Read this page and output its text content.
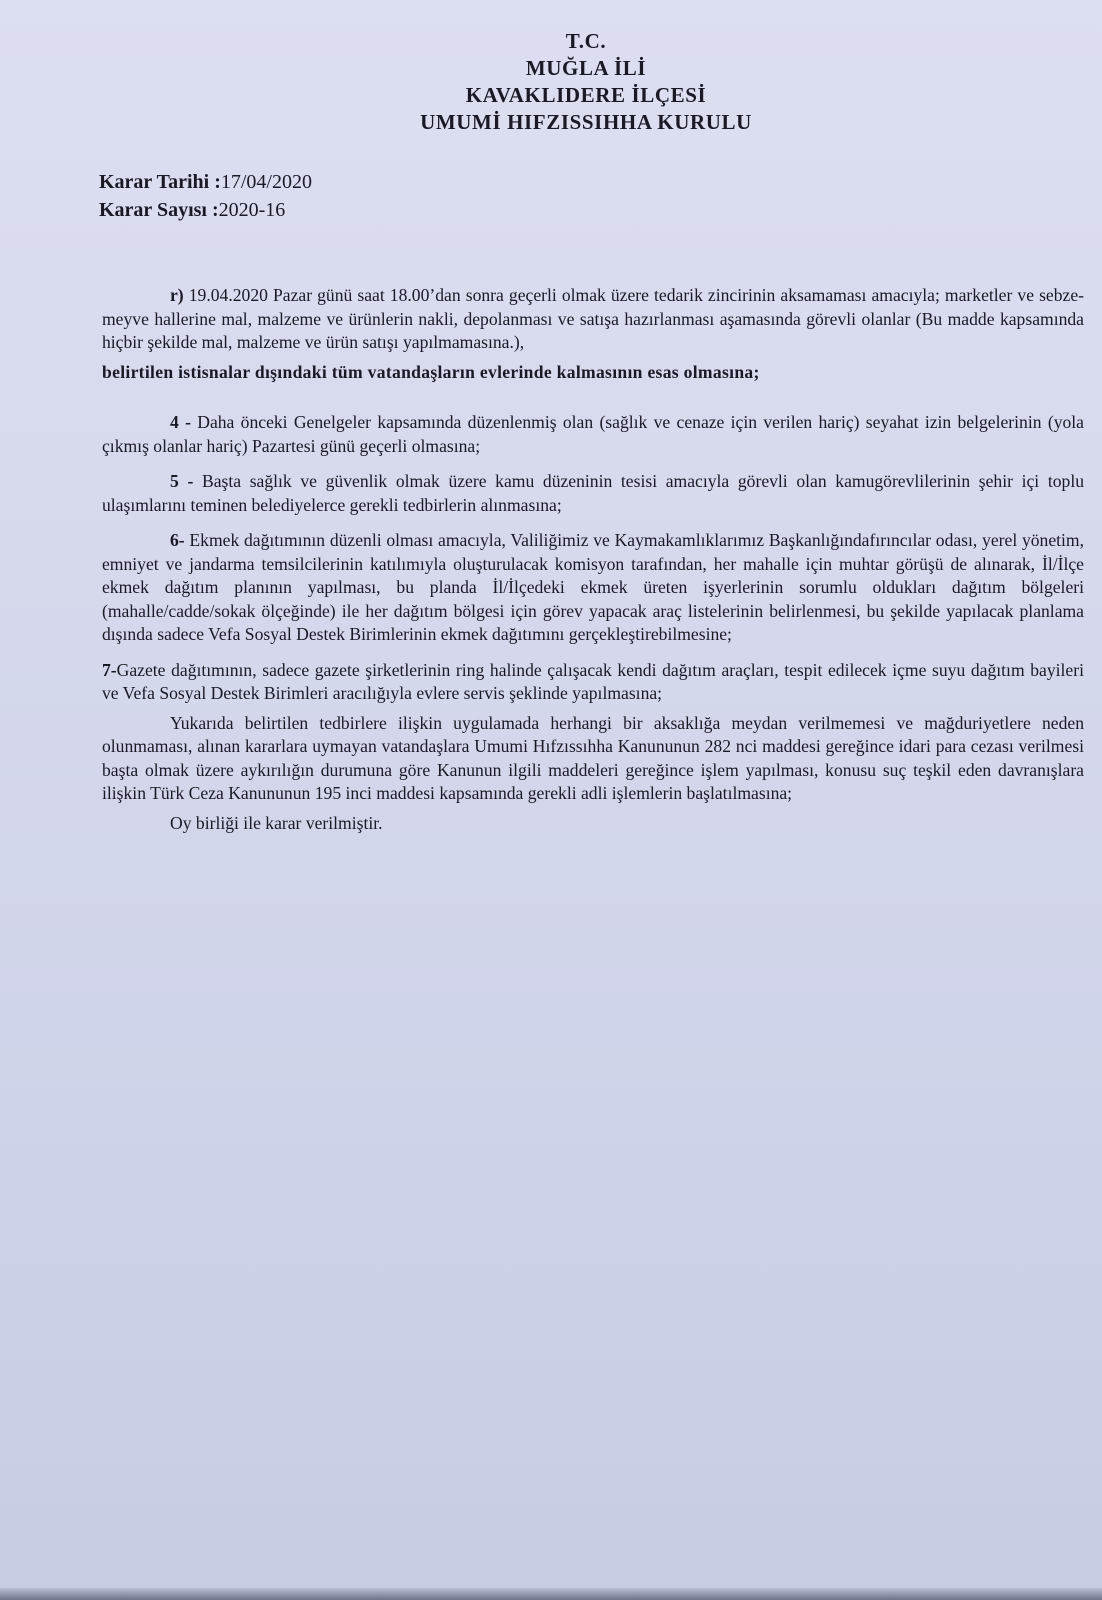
T.C.
MUĞLA İLİ
KAVAKLIDERE İLÇESİ
UMUMİ HIFZISSIHHA KURULU
Karar Tarihi :17/04/2020
Karar Sayısı :2020-16

r) 19.04.2020 Pazar günü saat 18.00’dan sonra geçerli olmak üzere tedarik zincirinin aksamaması amacıyla; marketler ve sebze-meyve hallerine mal, malzeme ve ürünlerin nakli, depolanması ve satışa hazırlanması aşamasında görevli olanlar (Bu madde kapsamında hiçbir şekilde mal, malzeme ve ürün satışı yapılmamasına.),

belirtilen istisnalar dışındaki tüm vatandaşların evlerinde kalmasının esas olmasına;

4 - Daha önceki Genelgeler kapsamında düzenlenmiş olan (sağlık ve cenaze için verilen hariç) seyahat izin belgelerinin (yola çıkmış olanlar hariç) Pazartesi günü geçerli olmasına;

5 - Başta sağlık ve güvenlik olmak üzere kamu düzeninin tesisi amacıyla görevli olan kamugörevlilerinin şehir içi toplu ulaşımlarını teminen belediyelerce gerekli tedbirlerin alınmasına;

6- Ekmek dağıtımının düzenli olması amacıyla, Valiliğimiz ve Kaymakamlıklarımız Başkanlığındafırıncılar odası, yerel yönetim, emniyet ve jandarma temsilcilerinin katılımıyla oluşturulacak komisyon tarafından, her mahalle için muhtar görüşü de alınarak, İl/İlçe ekmek dağıtım planının yapılması, bu planda İl/İlçedeki ekmek üreten işyerlerinin sorumlu oldukları dağıtım bölgeleri (mahalle/cadde/sokak ölçeğinde) ile her dağıtım bölgesi için görev yapacak araç listelerinin belirlenmesi, bu şekilde yapılacak planlama dışında sadece Vefa Sosyal Destek Birimlerinin ekmek dağıtımını gerçekleştirebilmesine;

7-Gazete dağıtımının, sadece gazete şirketlerinin ring halinde çalışacak kendi dağıtım araçları, tespit edilecek içme suyu dağıtım bayileri ve Vefa Sosyal Destek Birimleri aracılığıyla evlere servis şeklinde yapılmasına;

Yukarıda belirtilen tedbirlere ilişkin uygulamada herhangi bir aksaklığa meydan verilmemesi ve mağduriyetlere neden olunmaması, alınan kararlara uymayan vatandaşlara Umumi Hıfzıssıhha Kanununun 282 nci maddesi gereğince idari para cezası verilmesi başta olmak üzere aykırılığın durumuna göre Kanunun ilgili maddeleri gereğince işlem yapılması, konusu suç teşkil eden davranışlara ilişkin Türk Ceza Kanununun 195 inci maddesi kapsamında gerekli adli işlemlerin başlatılmasına;

Oy birliği ile karar verilmiştir.
